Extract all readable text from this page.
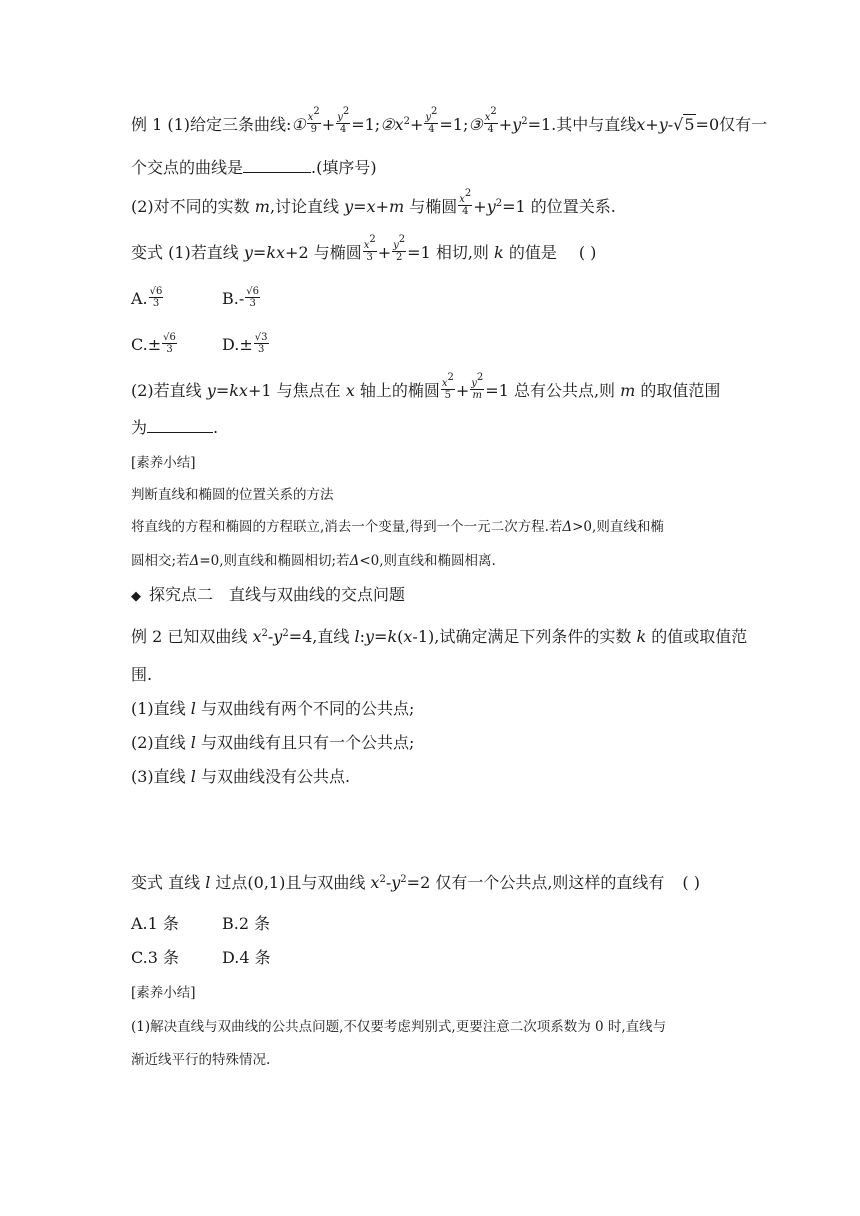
例 1 (1)给定三条曲线:① $\frac{x^2}{9} + \frac{y^2}{4}$ $=1;②x^2+ \frac{y^2}{4}$ =1;③ $\frac{x^2}{4} +y^2=1$.其中与直线x+y-√5=0仅有一
个交点的曲线是	.(填序号)
(2)对不同的实数 m,讨论直线 y=x+m 与椭圆 $\frac{x^2}{4} +y^2=1$ 的位置关系.
变式 (1)若直线 y=kx+2 与椭圆 $\frac{x^2}{3} + \frac{y^2}{2} =1$ 相切,则 k 的值是 ( )
A. $\frac{√6}{3}$	$B.- \frac{√6}{3}$
$C.\pm \frac{√6}{3}$	$D.\pm \frac{√3}{3}$
(2)若直线 y=kx+1 与焦点在 x 轴上的椭圆 $\frac{x^2}{5} + \frac{y^2}{m} =1$ 总有公共点,则 m 的取值范围
为	.
[素养小结]
判断直线和椭圆的位置关系的方法
将直线的方程和椭圆的方程联立,消去一个变量,得到一个一元二次方程.若Δ>0,则直线和椭
圆相交;若Δ=0,则直线和椭圆相切;若Δ<0,则直线和椭圆相离.
◆ 探究点二 直线与双曲线的交点问题
例 2 已知双曲线 $x^2-y^2=4$,直线 l:y=k(x-1),试确定满足下列条件的实数 k 的值或取值范
围.
(1)直线 l 与双曲线有两个不同的公共点;
(2)直线 l 与双曲线有且只有一个公共点;
(3)直线 l 与双曲线没有公共点.
变式 直线 l 过点(0,1)且与双曲线 $x^2-y^2=2$ 仅有一个公共点,则这样的直线有 ( )
A.1 条	B.2 条
C.3 条	D.4 条
[素养小结]
(1)解决直线与双曲线的公共点问题,不仅要考虑判别式,更要注意二次项系数为 0 时,直线与
渐近线平行的特殊情况.
